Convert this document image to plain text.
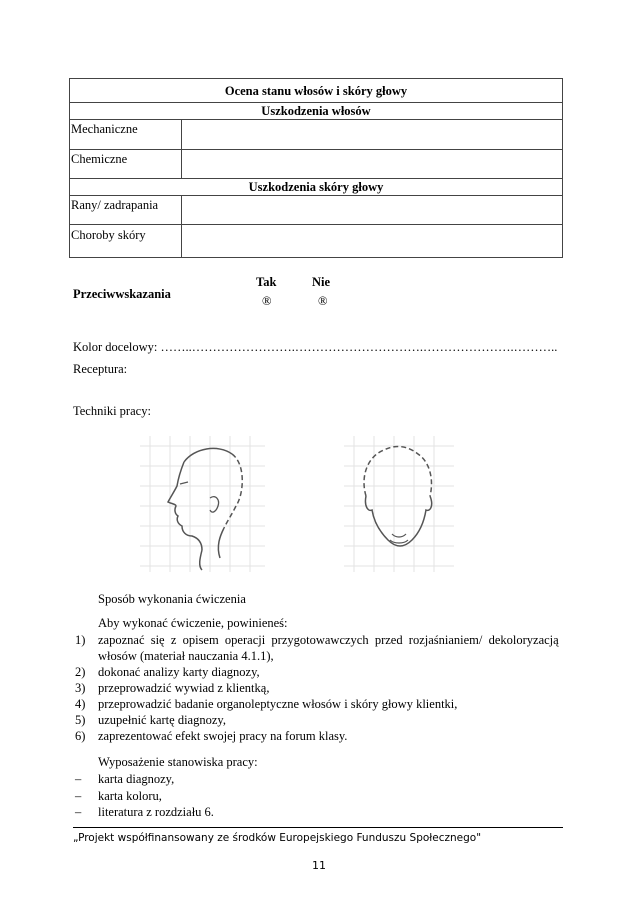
Ocena stanu włosów i skóry głowy
Uszkodzenia włosów
Mechaniczne
Chemiczne
Uszkodzenia skóry głowy
Rany/ zadrapania
Choroby skóry
Przeciwwskazania
Tak	Nie
®	®
Kolor docelowy: ……..…………………….………………………….………………….………..
Receptura:
Techniki pracy:
Sposób wykonania ćwiczenia
Aby wykonać ćwiczenie, powinieneś:
1) zapoznać się z opisem operacji przygotowawczych przed rozjaśnianiem/ dekoloryzacją
włosów (materiał nauczania 4.1.1),
2) dokonać analizy karty diagnozy,
3) przeprowadzić wywiad z klientką,
4) przeprowadzić badanie organoleptyczne włosów i skóry głowy klientki,
5) uzupełnić kartę diagnozy,
6) zaprezentować efekt swojej pracy na forum klasy.
Wyposażenie stanowiska pracy:
– karta diagnozy,
– karta koloru,
– literatura z rozdziału 6.
„Projekt współfinansowany ze środków Europejskiego Funduszu Społecznego"
11
